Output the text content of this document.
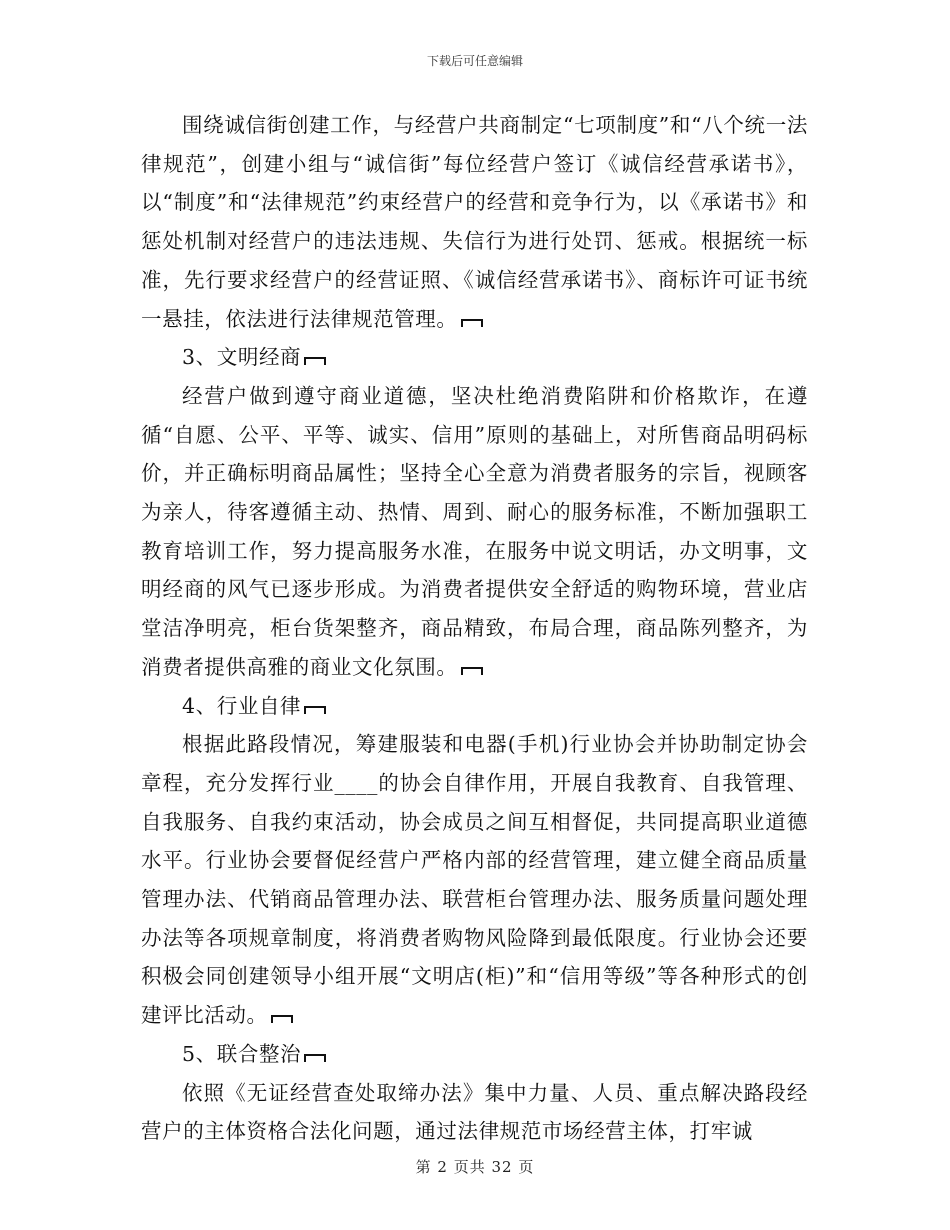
下载后可任意编辑

围绕诚信街创建工作，与经营户共商制定“七项制度”和“八个统一法律规范”，创建小组与“诚信街”每位经营户签订《诚信经营承诺书》，以“制度”和“法律规范”约束经营户的经营和竞争行为，以《承诺书》和惩处机制对经营户的违法违规、失信行为进行处罚、惩戒。根据统一标准，先行要求经营户的经营证照、《诚信经营承诺书》、商标许可证书统一悬挂，依法进行法律规范管理。

3、文明经商

经营户做到遵守商业道德，坚决杜绝消费陷阱和价格欺诈，在遵循“自愿、公平、平等、诚实、信用”原则的基础上，对所售商品明码标价，并正确标明商品属性；坚持全心全意为消费者服务的宗旨，视顾客为亲人，待客遵循主动、热情、周到、耐心的服务标准，不断加强职工教育培训工作，努力提高服务水准，在服务中说文明话，办文明事，文明经商的风气已逐步形成。为消费者提供安全舒适的购物环境，营业店堂洁净明亮，柜台货架整齐，商品精致，布局合理，商品陈列整齐，为消费者提供高雅的商业文化氛围。

4、行业自律

根据此路段情况，筹建服装和电器(手机)行业协会并协助制定协会章程，充分发挥行业____的协会自律作用，开展自我教育、自我管理、自我服务、自我约束活动，协会成员之间互相督促，共同提高职业道德水平。行业协会要督促经营户严格内部的经营管理，建立健全商品质量管理办法、代销商品管理办法、联营柜台管理办法、服务质量问题处理办法等各项规章制度，将消费者购物风险降到最低限度。行业协会还要积极会同创建领导小组开展“文明店(柜)”和“信用等级”等各种形式的创建评比活动。

5、联合整治

依照《无证经营查处取缔办法》集中力量、人员、重点解决路段经营户的主体资格合法化问题，通过法律规范市场经营主体，打牢诚

第 2 页共 32 页
